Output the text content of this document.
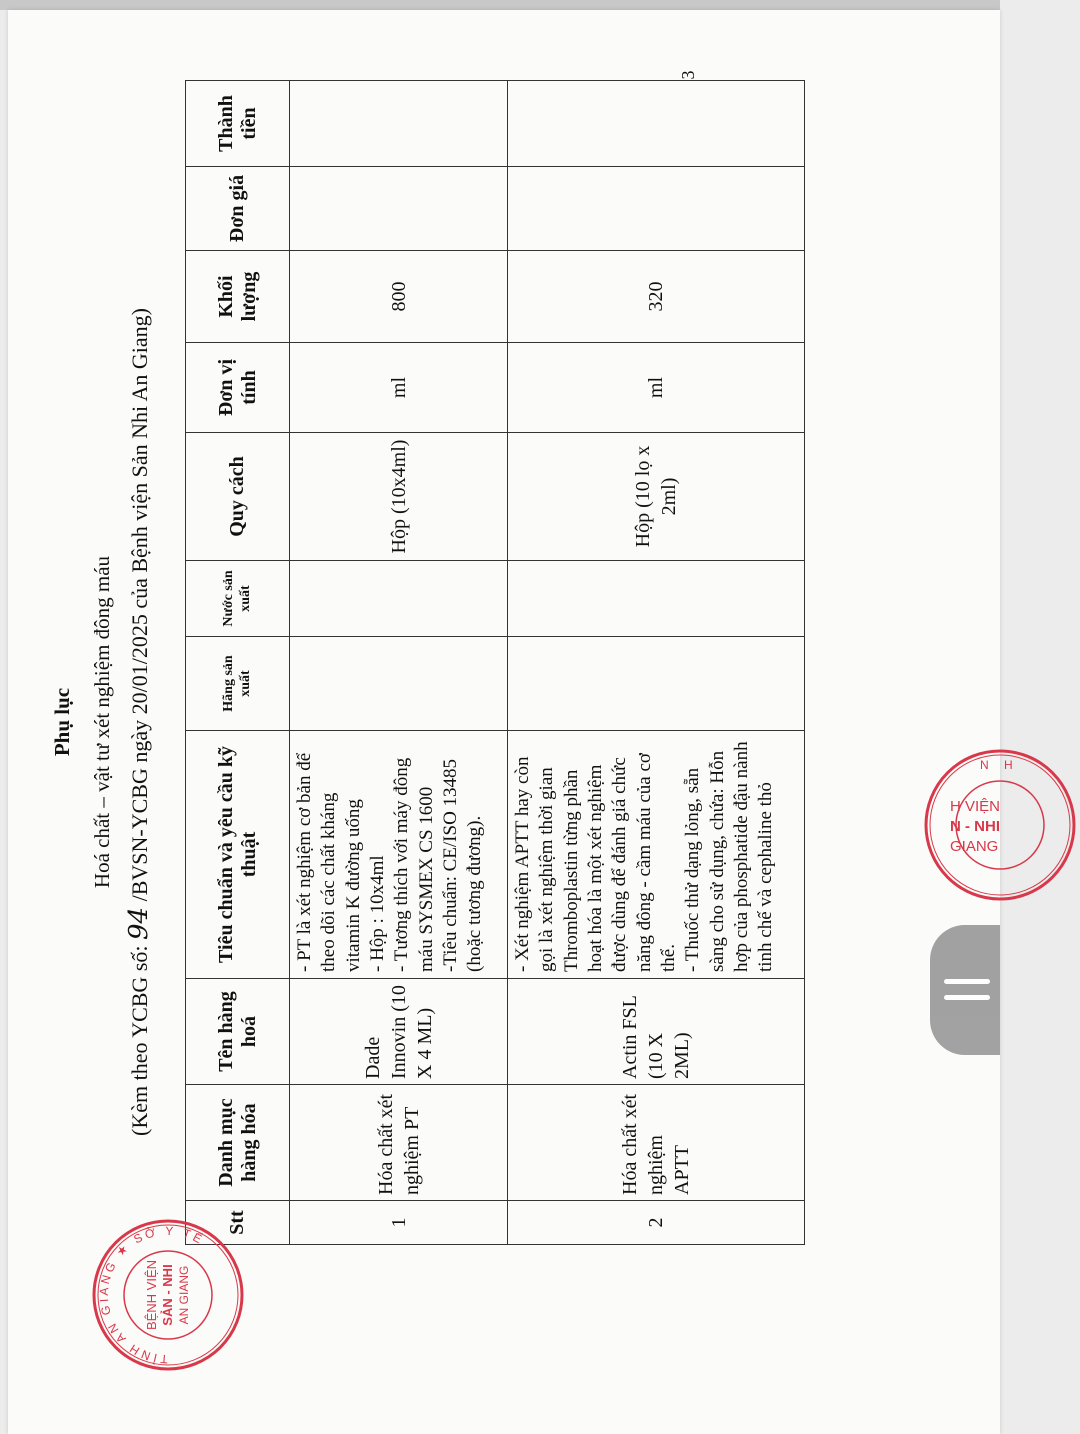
Phụ lục Hoá chất – vật tư xét nghiệm đông máu
(Kèm theo YCBG số: 94 /BVSN-YCBG ngày 20/01/2025 của Bệnh viện Sản Nhi An Giang)
Stt	Danh mục hàng hóa	Tên hàng hoá	Tiêu chuẩn và yêu cầu kỹ thuật	Hãng sản xuất	Nước sản xuất	Quy cách	Đơn vị tính	Khối lượng	Đơn giá	Thành tiền
1	Hóa chất xét nghiệm PT	Dade Innovin (10 X 4 ML)	- PT là xét nghiệm cơ bản để theo dõi các chất kháng vitamin K đường uống - Hộp : 10x4ml - Tương thích với máy đông máu SYSMEX CS 1600 -Tiêu chuẩn: CE/ISO 13485 (hoặc tương đương).			Hộp (10x4ml)	ml	800		
2	Hóa chất xét nghiệm APTT	Actin FSL (10 X 2ML)	- Xét nghiệm APTT hay còn gọi là xét nghiệm thời gian Thromboplastin từng phần hoạt hóa là một xét nghiệm được dùng để đánh giá chức năng đông - cầm máu của cơ thể. - Thuốc thử dạng lỏng, sẵn sàng cho sử dụng, chứa: Hỗn hợp của phosphatide đậu nành tinh chế và cephaline thỏ			Hộp (10 lọ x 2ml)	ml	320		
3
TỈNH AN GIANG ★ SỞ Y TẾ
BỆNH VIỆN SẢN - NHI AN GIANG
N H
H VIỆN
N - NHI
GIANG
